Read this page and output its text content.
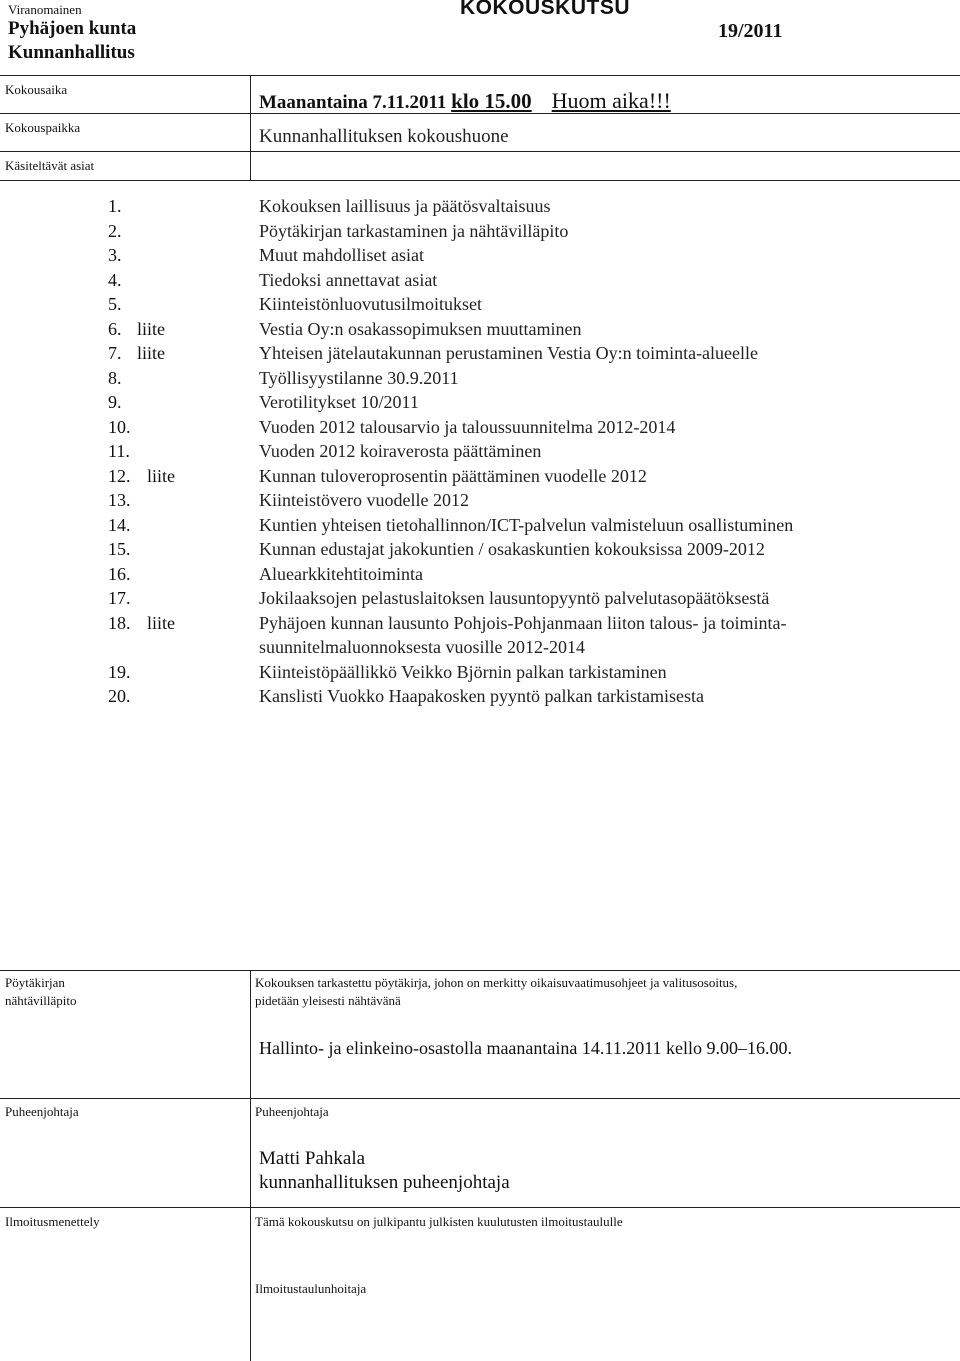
Viranomainen
Pyhäjoen kunta
Kunnanhallitus
KOKOUSKUTSU
19/2011
Kokousaika
Maanantaina 7.11.2011 klo 15.00 Huom aika!!!
Kokouspaikka	Kunnanhallituksen kokoushuone
Käsiteltävät asiat
1.	Kokouksen laillisuus ja päätösvaltaisuus
2.	Pöytäkirjan tarkastaminen ja nähtävilläpito
3.	Muut mahdolliset asiat
4.	Tiedoksi annettavat asiat
5.	Kiinteistönluovutusilmoitukset
6. liite	Vestia Oy:n osakassopimuksen muuttaminen
7. liite	Yhteisen jätelautakunnan perustaminen Vestia Oy:n toiminta-alueelle
8.	Työllisyystilanne 30.9.2011
9.	Verotilitykset 10/2011
10.	Vuoden 2012 talousarvio ja taloussuunnitelma 2012-2014
11.	Vuoden 2012 koiraverosta päättäminen
12. liite	Kunnan tuloveroprosentin päättäminen vuodelle 2012
13.	Kiinteistövero vuodelle 2012
14.	Kuntien yhteisen tietohallinnon/ICT-palvelun valmisteluun osallistuminen
15.	Kunnan edustajat jakokuntien / osakaskuntien kokouksissa 2009-2012
16.	Aluearkkitehtitoiminta
17.	Jokilaaksojen pelastuslaitoksen lausuntopyyntö palvelutasopäätöksestä
18. liite	Pyhäjoen kunnan lausunto Pohjois-Pohjanmaan liiton talous- ja toiminta-
suunnitelmaluonnoksesta vuosille 2012-2014
19.	Kiinteistöpäällikkö Veikko Björnin palkan tarkistaminen
20.	Kanslisti Vuokko Haapakosken pyyntö palkan tarkistamisesta
Pöytäkirjan
nähtävilläpito
Kokouksen tarkastettu pöytäkirja, johon on merkitty oikaisuvaatimusohjeet ja valitusosoitus,
pidetään yleisesti nähtävänä
Hallinto- ja elinkeino-osastolla maanantaina 14.11.2011 kello 9.00–16.00.
Puheenjohtaja	Puheenjohtaja
Matti Pahkala
kunnanhallituksen puheenjohtaja
Ilmoitusmenettely	Tämä kokouskutsu on julkipantu julkisten kuulutusten ilmoitustaululle
Ilmoitustaulunhoitaja
